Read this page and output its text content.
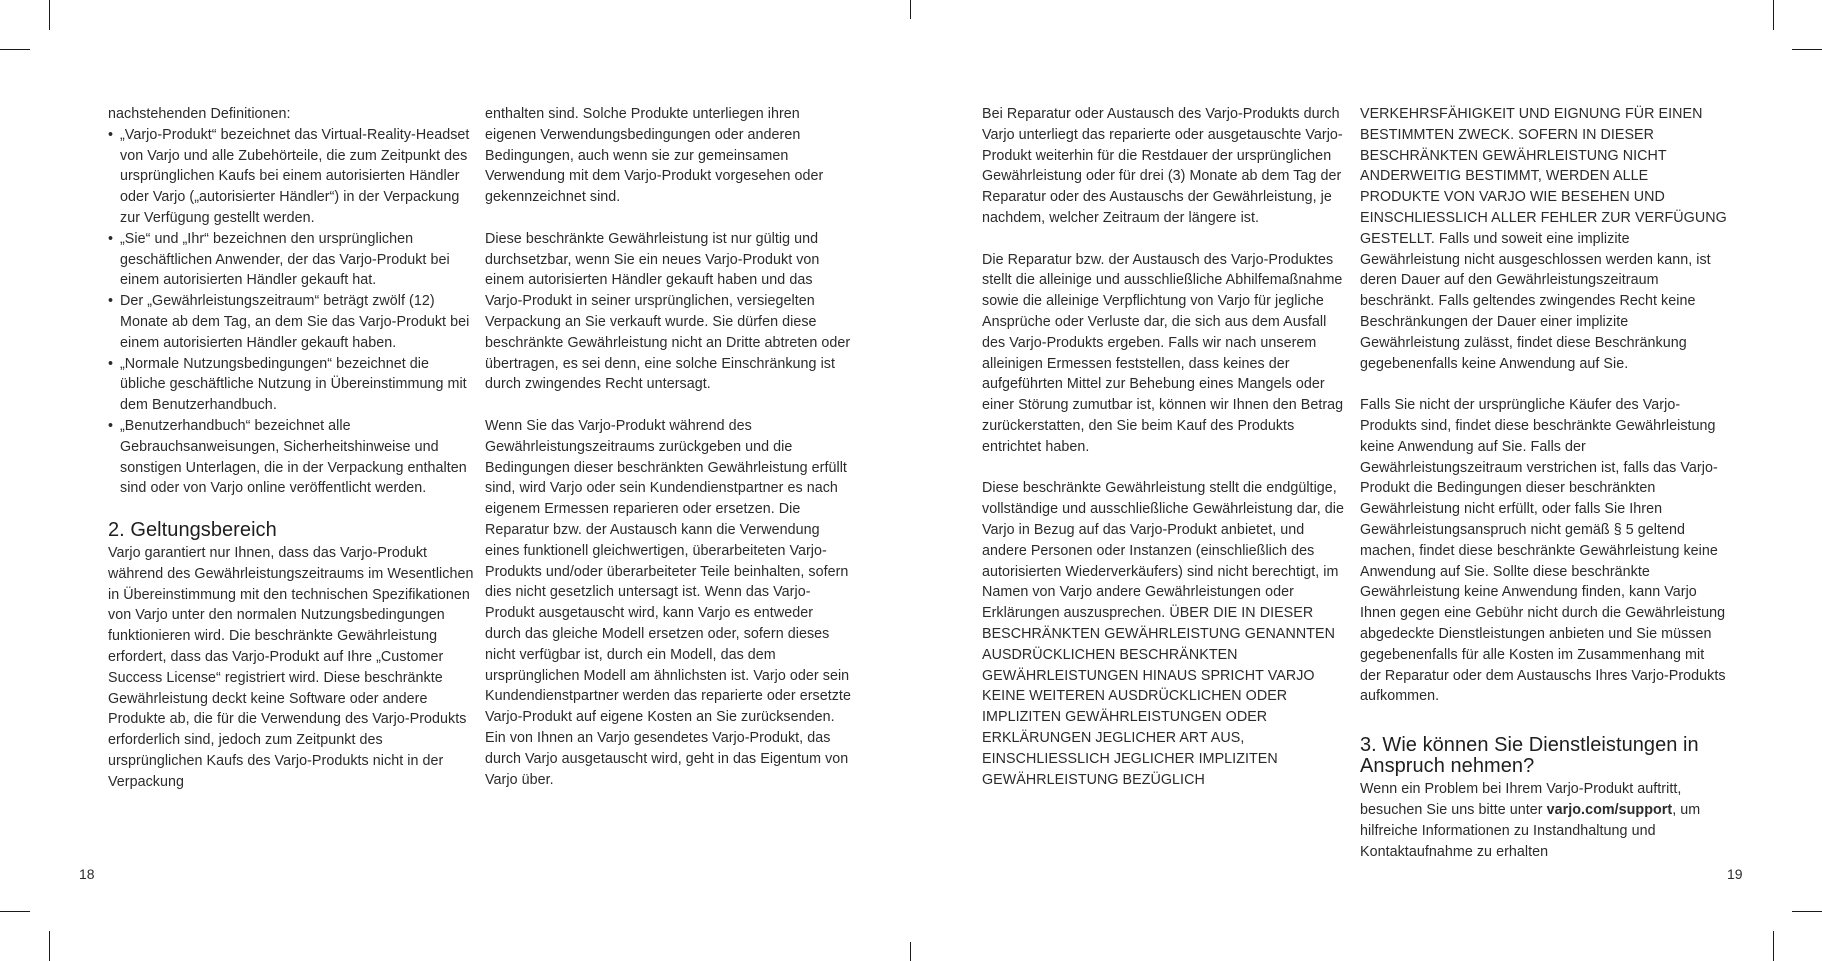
nachstehenden Definitionen:

• „Varjo-Produkt“ bezeichnet das Virtual-Reality-Headset von Varjo und alle Zubehörteile, die zum Zeitpunkt des ursprünglichen Kaufs bei einem autorisierten Händler oder Varjo („autorisierter Händler“) in der Verpackung zur Verfügung gestellt werden.
• „Sie“ und „Ihr“ bezeichnen den ursprünglichen geschäftlichen Anwender, der das Varjo-Produkt bei einem autorisierten Händler gekauft hat.
• Der „Gewährleistungszeitraum“ beträgt zwölf (12) Monate ab dem Tag, an dem Sie das Varjo-Produkt bei einem autorisierten Händler gekauft haben.
• „Normale Nutzungsbedingungen“ bezeichnet die übliche geschäftliche Nutzung in Übereinstimmung mit dem Benutzerhandbuch.
• „Benutzerhandbuch“ bezeichnet alle Gebrauchsanweisungen, Sicherheitshinweise und sonstigen Unterlagen, die in der Verpackung enthalten sind oder von Varjo online veröffentlicht werden.
2. Geltungsbereich

Varjo garantiert nur Ihnen, dass das Varjo-Produkt während des Gewährleistungszeitraums im Wesentlichen in Übereinstimmung mit den technischen Spezifikationen von Varjo unter den normalen Nutzungsbedingungen funktionieren wird. Die beschränkte Gewährleistung erfordert, dass das Varjo-Produkt auf Ihre „Customer Success License“ registriert wird. Diese beschränkte Gewährleistung deckt keine Software oder andere Produkte ab, die für die Verwendung des Varjo-Produkts erforderlich sind, jedoch zum Zeitpunkt des ursprünglichen Kaufs des Varjo-Produkts nicht in der Verpackung

enthalten sind. Solche Produkte unterliegen ihren eigenen Verwendungsbedingungen oder anderen Bedingungen, auch wenn sie zur gemeinsamen Verwendung mit dem Varjo-Produkt vorgesehen oder gekennzeichnet sind.

Diese beschränkte Gewährleistung ist nur gültig und durchsetzbar, wenn Sie ein neues Varjo-Produkt von einem autorisierten Händler gekauft haben und das Varjo-Produkt in seiner ursprünglichen, versiegelten Verpackung an Sie verkauft wurde. Sie dürfen diese beschränkte Gewährleistung nicht an Dritte abtreten oder übertragen, es sei denn, eine solche Einschränkung ist durch zwingendes Recht untersagt.

Wenn Sie das Varjo-Produkt während des Gewährleistungszeitraums zurückgeben und die Bedingungen dieser beschränkten Gewährleistung erfüllt sind, wird Varjo oder sein Kundendienstpartner es nach eigenem Ermessen reparieren oder ersetzen. Die Reparatur bzw. der Austausch kann die Verwendung eines funktionell gleichwertigen, überarbeiteten Varjo-Produkts und/oder überarbeiteter Teile beinhalten, sofern dies nicht gesetzlich untersagt ist. Wenn das Varjo-Produkt ausgetauscht wird, kann Varjo es entweder durch das gleiche Modell ersetzen oder, sofern dieses nicht verfügbar ist, durch ein Modell, das dem ursprünglichen Modell am ähnlichsten ist. Varjo oder sein Kundendienstpartner werden das reparierte oder ersetzte Varjo-Produkt auf eigene Kosten an Sie zurücksenden. Ein von Ihnen an Varjo gesendetes Varjo-Produkt, das durch Varjo ausgetauscht wird, geht in das Eigentum von Varjo über.

18

Bei Reparatur oder Austausch des Varjo-Produkts durch Varjo unterliegt das reparierte oder ausgetauschte Varjo-Produkt weiterhin für die Restdauer der ursprünglichen Gewährleistung oder für drei (3) Monate ab dem Tag der Reparatur oder des Austauschs der Gewährleistung, je nachdem, welcher Zeitraum der längere ist.

Die Reparatur bzw. der Austausch des Varjo-Produktes stellt die alleinige und ausschließliche Abhilfemaßnahme sowie die alleinige Verpflichtung von Varjo für jegliche Ansprüche oder Verluste dar, die sich aus dem Ausfall des Varjo-Produkts ergeben. Falls wir nach unserem alleinigen Ermessen feststellen, dass keines der aufgeführten Mittel zur Behebung eines Mangels oder einer Störung zumutbar ist, können wir Ihnen den Betrag zurückerstatten, den Sie beim Kauf des Produkts entrichtet haben.

Diese beschränkte Gewährleistung stellt die endgültige, vollständige und ausschließliche Gewährleistung dar, die Varjo in Bezug auf das Varjo-Produkt anbietet, und andere Personen oder Instanzen (einschließlich des autorisierten Wiederverkäufers) sind nicht berechtigt, im Namen von Varjo andere Gewährleistungen oder Erklärungen auszusprechen. ÜBER DIE IN DIESER BESCHRÄNKTEN GEWÄHRLEISTUNG GENANNTEN AUSDRÜCKLICHEN BESCHRÄNKTEN GEWÄHRLEISTUNGEN HINAUS SPRICHT VARJO KEINE WEITEREN AUSDRÜCKLICHEN ODER IMPLIZITEN GEWÄHRLEISTUNGEN ODER ERKLÄRUNGEN JEGLICHER ART AUS, EINSCHLIESSLICH JEGLICHER IMPLIZITEN GEWÄHRLEISTUNG BEZÜGLICH

VERKEHRSFÄHIGKEIT UND EIGNUNG FÜR EINEN BESTIMMTEN ZWECK. SOFERN IN DIESER BESCHRÄNKTEN GEWÄHRLEISTUNG NICHT ANDERWEITIG BESTIMMT, WERDEN ALLE PRODUKTE VON VARJO WIE BESEHEN UND EINSCHLIESSLICH ALLER FEHLER ZUR VERFÜGUNG GESTELLT. Falls und soweit eine implizite Gewährleistung nicht ausgeschlossen werden kann, ist deren Dauer auf den Gewährleistungszeitraum beschränkt. Falls geltendes zwingendes Recht keine Beschränkungen der Dauer einer implizite Gewährleistung zulässt, findet diese Beschränkung gegebenenfalls keine Anwendung auf Sie.

Falls Sie nicht der ursprüngliche Käufer des Varjo-Produkts sind, findet diese beschränkte Gewährleistung keine Anwendung auf Sie. Falls der Gewährleistungszeitraum verstrichen ist, falls das Varjo-Produkt die Bedingungen dieser beschränkten Gewährleistung nicht erfüllt, oder falls Sie Ihren Gewährleistungsanspruch nicht gemäß § 5 geltend machen, findet diese beschränkte Gewährleistung keine Anwendung auf Sie. Sollte diese beschränkte Gewährleistung keine Anwendung finden, kann Varjo Ihnen gegen eine Gebühr nicht durch die Gewährleistung abgedeckte Dienstleistungen anbieten und Sie müssen gegebenenfalls für alle Kosten im Zusammenhang mit der Reparatur oder dem Austauschs Ihres Varjo-Produkts aufkommen.

3. Wie können Sie Dienstleistungen in Anspruch nehmen?

Wenn ein Problem bei Ihrem Varjo-Produkt auftritt, besuchen Sie uns bitte unter varjo.com/support, um hilfreiche Informationen zu Instandhaltung und Kontaktaufnahme zu erhalten

19
